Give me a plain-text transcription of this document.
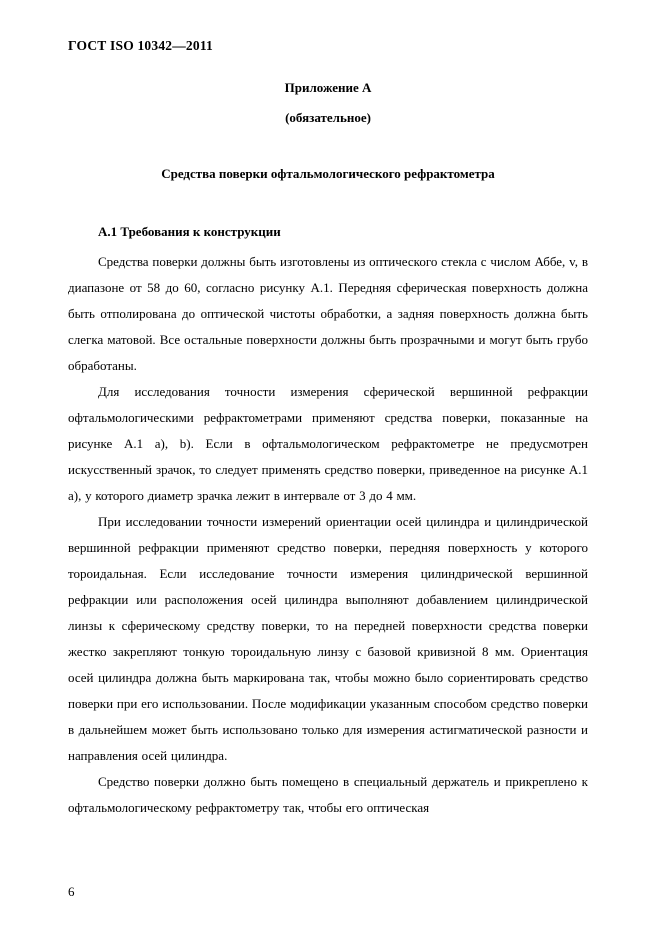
ГОСТ ISO 10342—2011
Приложение А
(обязательное)
Средства поверки офтальмологического рефрактометра
А.1 Требования к конструкции

Средства поверки должны быть изготовлены из оптического стекла с числом Аббе, v, в диапазоне от 58 до 60, согласно рисунку А.1. Передняя сферическая поверхность должна быть отполирована до оптической чистоты обработки, а задняя поверхность должна быть слегка матовой. Все остальные поверхности должны быть прозрачными и могут быть грубо обработаны.

Для исследования точности измерения сферической вершинной рефракции офтальмологическими рефрактометрами применяют средства поверки, показанные на рисунке А.1 а), b). Если в офтальмологическом рефрактометре не предусмотрен искусственный зрачок, то следует применять средство поверки, приведенное на рисунке А.1 а), у которого диаметр зрачка лежит в интервале от 3 до 4 мм.

При исследовании точности измерений ориентации осей цилиндра и цилиндрической вершинной рефракции применяют средство поверки, передняя поверхность у которого тороидальная. Если исследование точности измерения цилиндрической вершинной рефракции или расположения осей цилиндра выполняют добавлением цилиндрической линзы к сферическому средству поверки, то на передней поверхности средства поверки жестко закрепляют тонкую тороидальную линзу с базовой кривизной 8 мм. Ориентация осей цилиндра должна быть маркирована так, чтобы можно было сориентировать средство поверки при его использовании. После модификации указанным способом средство поверки в дальнейшем может быть использовано только для измерения астигматической разности и направления осей цилиндра.

Средство поверки должно быть помещено в специальный держатель и прикреплено к офтальмологическому рефрактометру так, чтобы его оптическая

6
